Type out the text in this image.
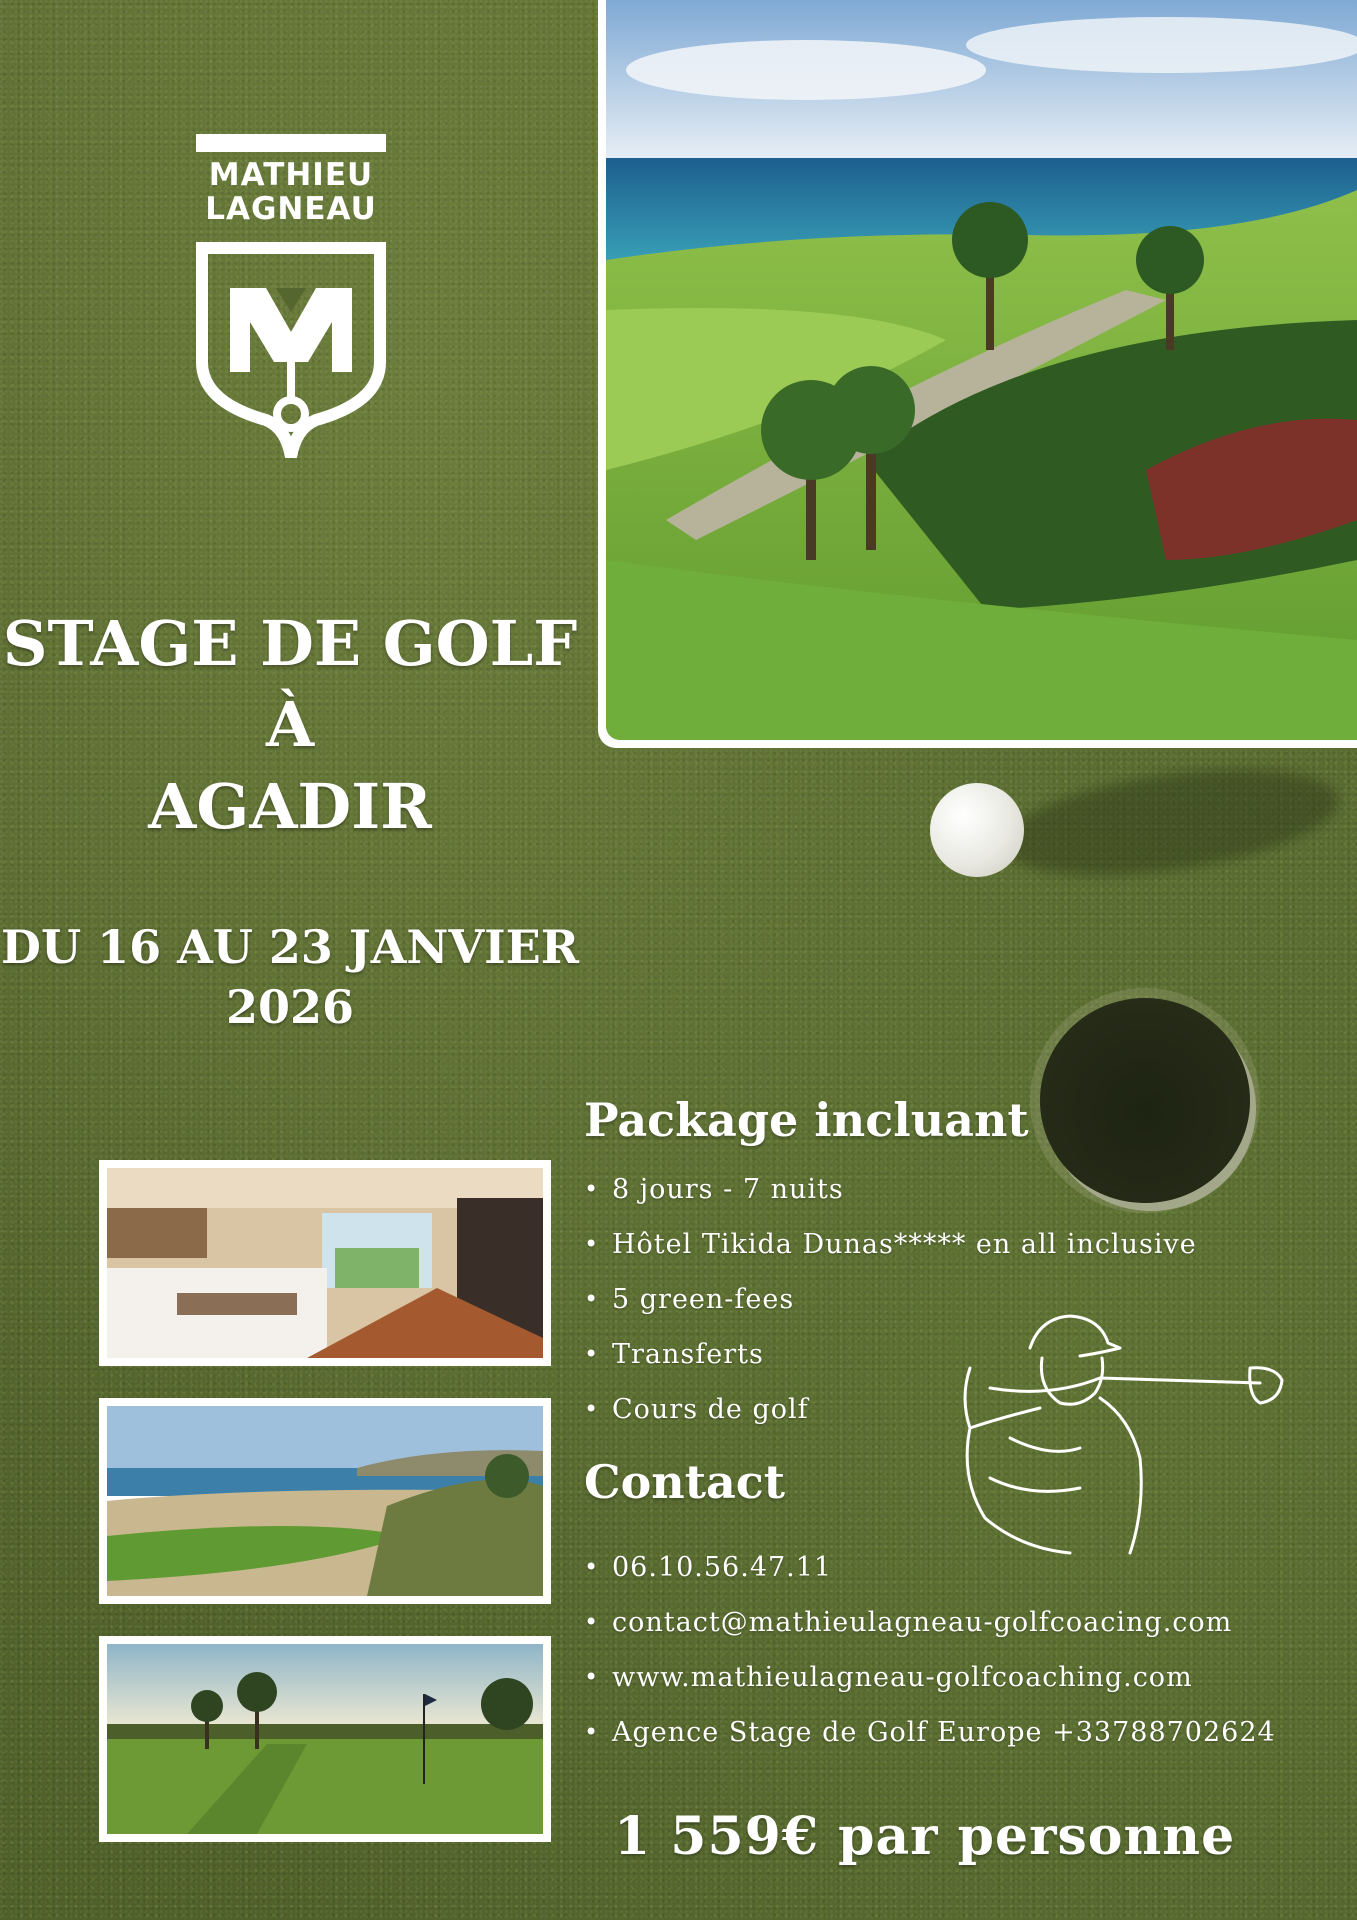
MATHIEU
LAGNEAU
STAGE DE GOLF
À
AGADIR
DU 16 AU 23 JANVIER
2026
Package incluant
• 8 jours - 7 nuits
• Hôtel Tikida Dunas***** en all inclusive
• 5 green-fees
• Transferts
• Cours de golf
Contact
• 06.10.56.47.11
• contact@mathieulagneau-golfcoacing.com
• www.mathieulagneau-golfcoaching.com
• Agence Stage de Golf Europe +33788702624
1 559€ par personne
